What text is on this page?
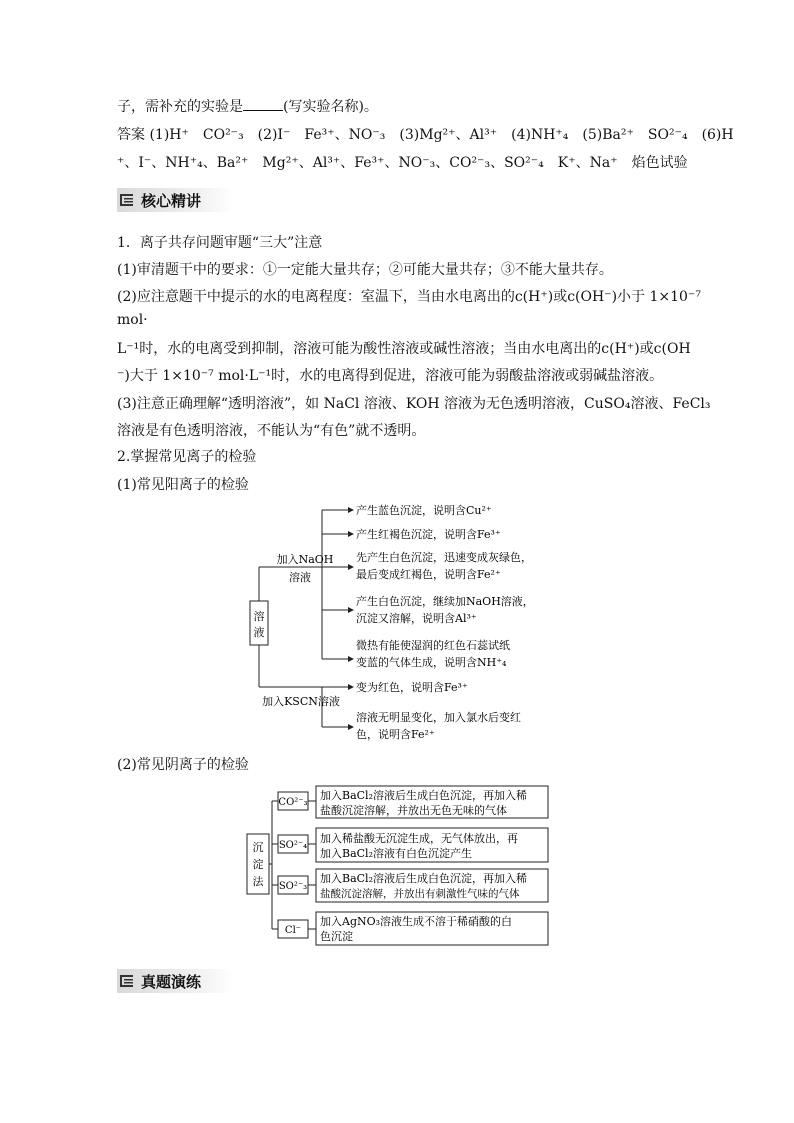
子，需补充的实验是	(写实验名称)。
答案 (1)H⁺　CO²⁻₃　(2)I⁻　Fe³⁺、NO⁻₃　(3)Mg²⁺、Al³⁺　(4)NH⁺₄　(5)Ba²⁺　SO²⁻₄　(6)H
⁺、I⁻、NH⁺₄、Ba²⁺　Mg²⁺、Al³⁺、Fe³⁺、NO⁻₃、CO²⁻₃、SO²⁻₄　K⁺、Na⁺　焰色试验
核心精讲
1．离子共存问题审题“三大”注意
(1)审清题干中的要求：①一定能大量共存；②可能大量共存；③不能大量共存。
(2)应注意题干中提示的水的电离程度：室温下，当由水电离出的c(H⁺)或c(OH⁻)小于 1×10⁻⁷
mol·
L⁻¹时，水的电离受到抑制，溶液可能为酸性溶液或碱性溶液；当由水电离出的c(H⁺)或c(OH
⁻)大于 1×10⁻⁷ mol·L⁻¹时，水的电离得到促进，溶液可能为弱酸盐溶液或弱碱盐溶液。
(3)注意正确理解“透明溶液”，如 NaCl 溶液、KOH 溶液为无色透明溶液，CuSO₄溶液、FeCl₃
溶液是有色透明溶液，不能认为“有色”就不透明。
2.掌握常见离子的检验
(1)常见阳离子的检验
溶
液
加入NaOH
溶液
加入KSCN溶液
产生蓝色沉淀，说明含Cu²⁺
产生红褐色沉淀，说明含Fe³⁺
先产生白色沉淀，迅速变成灰绿色，
最后变成红褐色，说明含Fe²⁺
产生白色沉淀，继续加NaOH溶液，
沉淀又溶解，说明含Al³⁺
微热有能使湿润的红色石蕊试纸
变蓝的气体生成，说明含NH⁺₄
变为红色，说明含Fe³⁺
溶液无明显变化，加入氯水后变红
色，说明含Fe²⁺
(2)常见阴离子的检验
沉
淀
法
CO²⁻₃
SO²⁻₄
SO²⁻₃
Cl⁻
加入BaCl₂溶液后生成白色沉淀，再加入稀
盐酸沉淀溶解，并放出无色无味的气体
加入稀盐酸无沉淀生成，无气体放出，再
加入BaCl₂溶液有白色沉淀产生
加入BaCl₂溶液后生成白色沉淀，再加入稀
盐酸沉淀溶解，并放出有刺激性气味的气体
加入AgNO₃溶液生成不溶于稀硝酸的白
色沉淀
真题演练
